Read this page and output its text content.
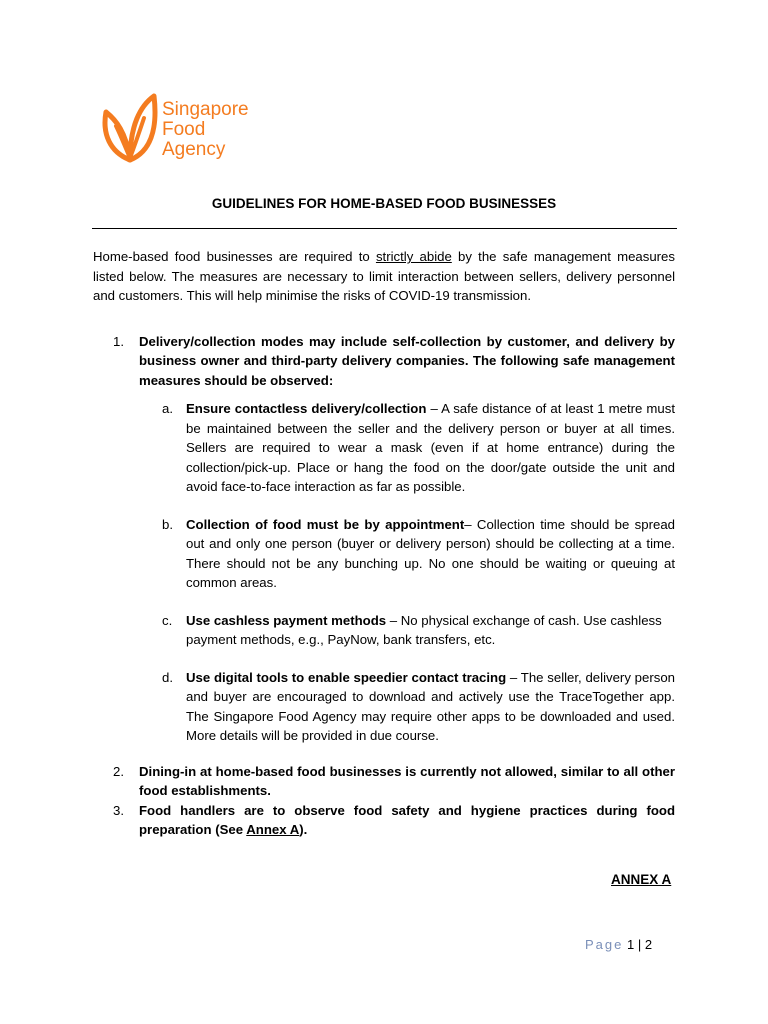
Singapore
Food
Agency
GUIDELINES FOR HOME-BASED FOOD BUSINESSES

Home-based food businesses are required to strictly abide by the safe management measures listed below. The measures are necessary to limit interaction between sellers, delivery personnel and customers. This will help minimise the risks of COVID-19 transmission.

1. Delivery/collection modes may include self-collection by customer, and delivery by business owner and third-party delivery companies. The following safe management measures should be observed:
a. Ensure contactless delivery/collection – A safe distance of at least 1 metre must be maintained between the seller and the delivery person or buyer at all times. Sellers are required to wear a mask (even if at home entrance) during the collection/pick-up. Place or hang the food on the door/gate outside the unit and avoid face-to-face interaction as far as possible.
b. Collection of food must be by appointment– Collection time should be spread out and only one person (buyer or delivery person) should be collecting at a time. There should not be any bunching up. No one should be waiting or queuing at common areas.
c. Use cashless payment methods – No physical exchange of cash. Use cashless payment methods, e.g., PayNow, bank transfers, etc.
d. Use digital tools to enable speedier contact tracing – The seller, delivery person and buyer are encouraged to download and actively use the TraceTogether app. The Singapore Food Agency may require other apps to be downloaded and used. More details will be provided in due course.
2. Dining-in at home-based food businesses is currently not allowed, similar to all other food establishments.
3. Food handlers are to observe food safety and hygiene practices during food preparation (See Annex A).
ANNEX A
Page 1 | 2
